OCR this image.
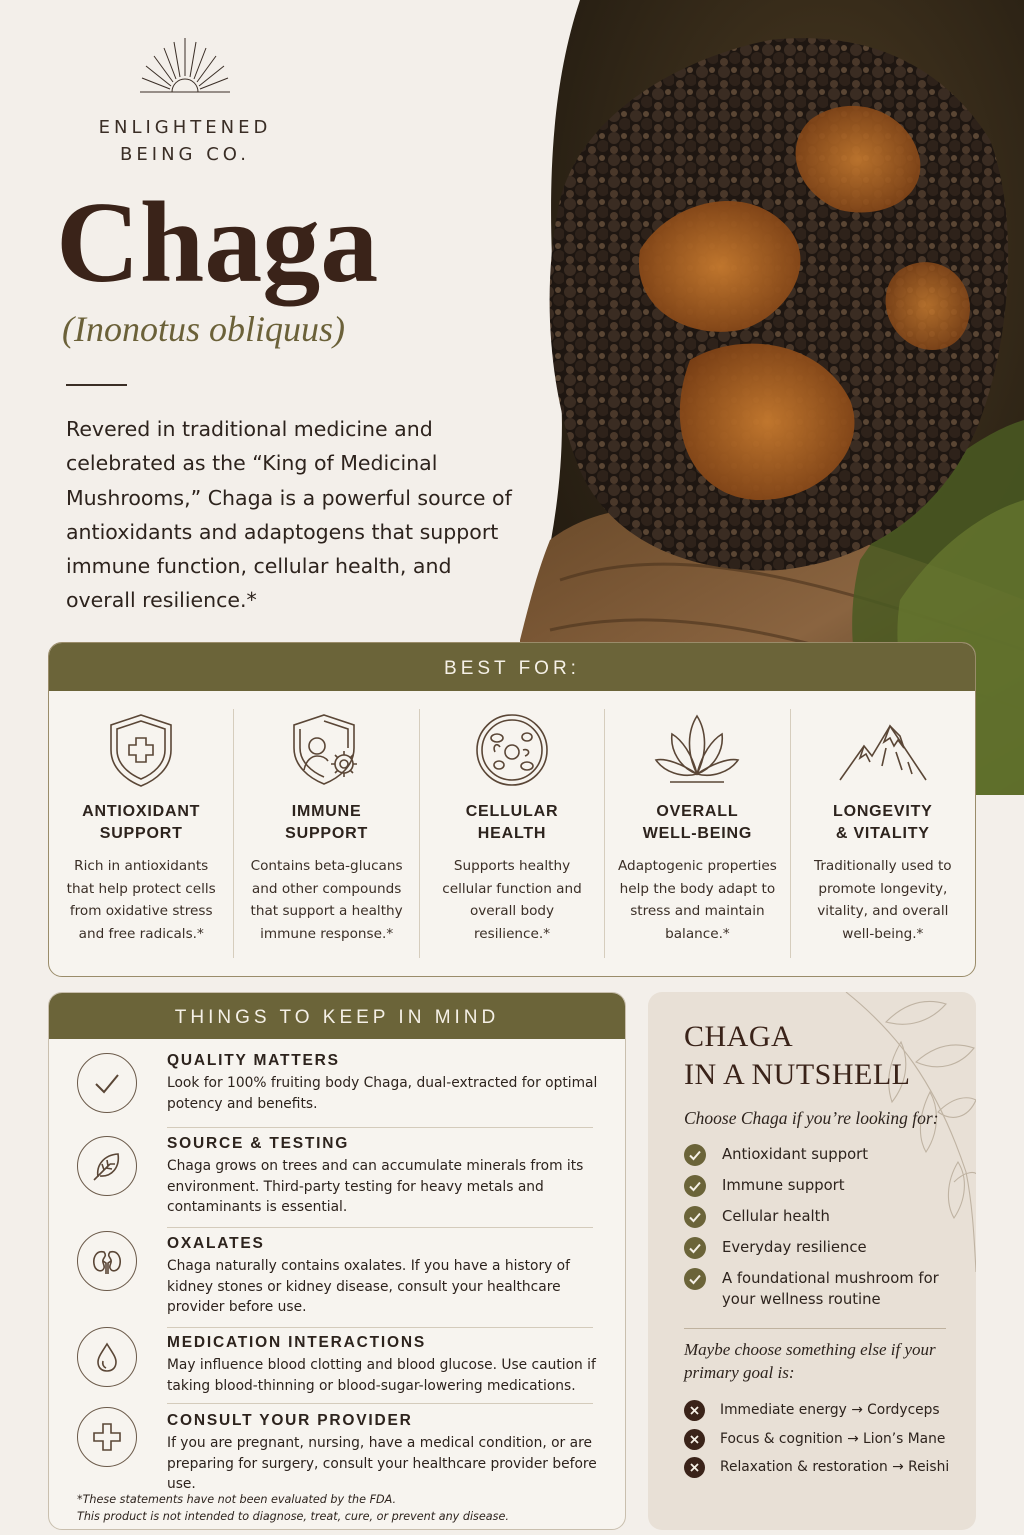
ENLIGHTENED BEING CO.
Chaga
(Inonotus obliquus)

Revered in traditional medicine and celebrated as the “King of Medicinal Mushrooms,” Chaga is a powerful source of antioxidants and adaptogens that support immune function, cellular health, and overall resilience.*

BEST FOR:
ANTIOXIDANT
SUPPORT
Rich in antioxidants that help protect cells from oxidative stress and free radicals.*
IMMUNE
SUPPORT
Contains beta-glucans and other compounds that support a healthy immune response.*
CELLULAR
HEALTH
Supports healthy cellular function and overall body resilience.*
OVERALL
WELL-BEING
Adaptogenic properties help the body adapt to stress and maintain balance.*
LONGEVITY
& VITALITY
Traditionally used to promote longevity, vitality, and overall well-being.*
THINGS TO KEEP IN MIND
QUALITY MATTERS
Look for 100% fruiting body Chaga, dual-extracted for optimal potency and benefits.
SOURCE & TESTING
Chaga grows on trees and can accumulate minerals from its environment. Third-party testing for heavy metals and contaminants is essential.
OXALATES
Chaga naturally contains oxalates. If you have a history of kidney stones or kidney disease, consult your healthcare provider before use.
MEDICATION INTERACTIONS
May influence blood clotting and blood glucose. Use caution if taking blood-thinning or blood-sugar-lowering medications.
CONSULT YOUR PROVIDER
If you are pregnant, nursing, have a medical condition, or are preparing for surgery, consult your healthcare provider before use.
*These statements have not been evaluated by the FDA.
This product is not intended to diagnose, treat, cure, or prevent any disease.
CHAGA
IN A NUTSHELL
Choose Chaga if you’re looking for:
Antioxidant support
Immune support
Cellular health
Everyday resilience
A foundational mushroom for your wellness routine
Maybe choose something else if your primary goal is:
Immediate energy → Cordyceps
Focus & cognition → Lion’s Mane
Relaxation & restoration → Reishi
